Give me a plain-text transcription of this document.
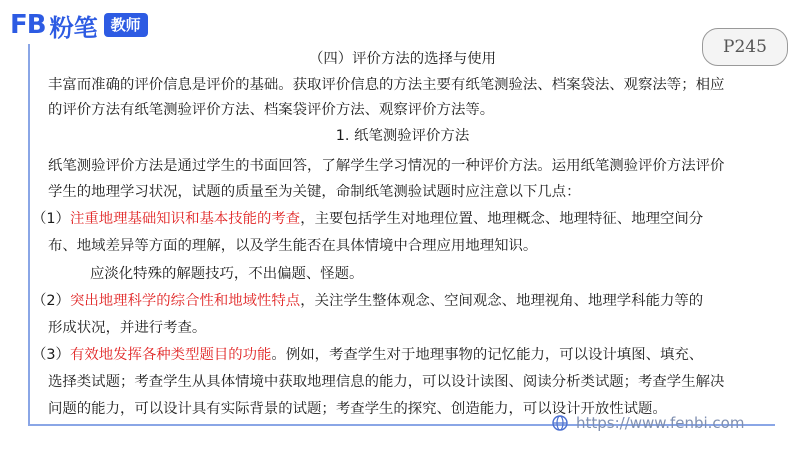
FB 粉笔 教师
P245
（四）评价方法的选择与使用
丰富而准确的评价信息是评价的基础。获取评价信息的方法主要有纸笔测验法、档案袋法、观察法等；相应
的评价方法有纸笔测验评价方法、档案袋评价方法、观察评价方法等。
1. 纸笔测验评价方法
纸笔测验评价方法是通过学生的书面回答，了解学生学习情况的一种评价方法。运用纸笔测验评价方法评价
学生的地理学习状况，试题的质量至为关键，命制纸笔测验试题时应注意以下几点：
（1）注重地理基础知识和基本技能的考查，主要包括学生对地理位置、地理概念、地理特征、地理空间分
布、地域差异等方面的理解，以及学生能否在具体情境中合理应用地理知识。
应淡化特殊的解题技巧，不出偏题、怪题。
（2）突出地理科学的综合性和地域性特点，关注学生整体观念、空间观念、地理视角、地理学科能力等的
形成状况，并进行考查。
（3）有效地发挥各种类型题目的功能。例如，考查学生对于地理事物的记忆能力，可以设计填图、填充、
选择类试题；考查学生从具体情境中获取地理信息的能力，可以设计读图、阅读分析类试题；考查学生解决
问题的能力，可以设计具有实际背景的试题；考查学生的探究、创造能力，可以设计开放性试题。
https://www.fenbi.com
